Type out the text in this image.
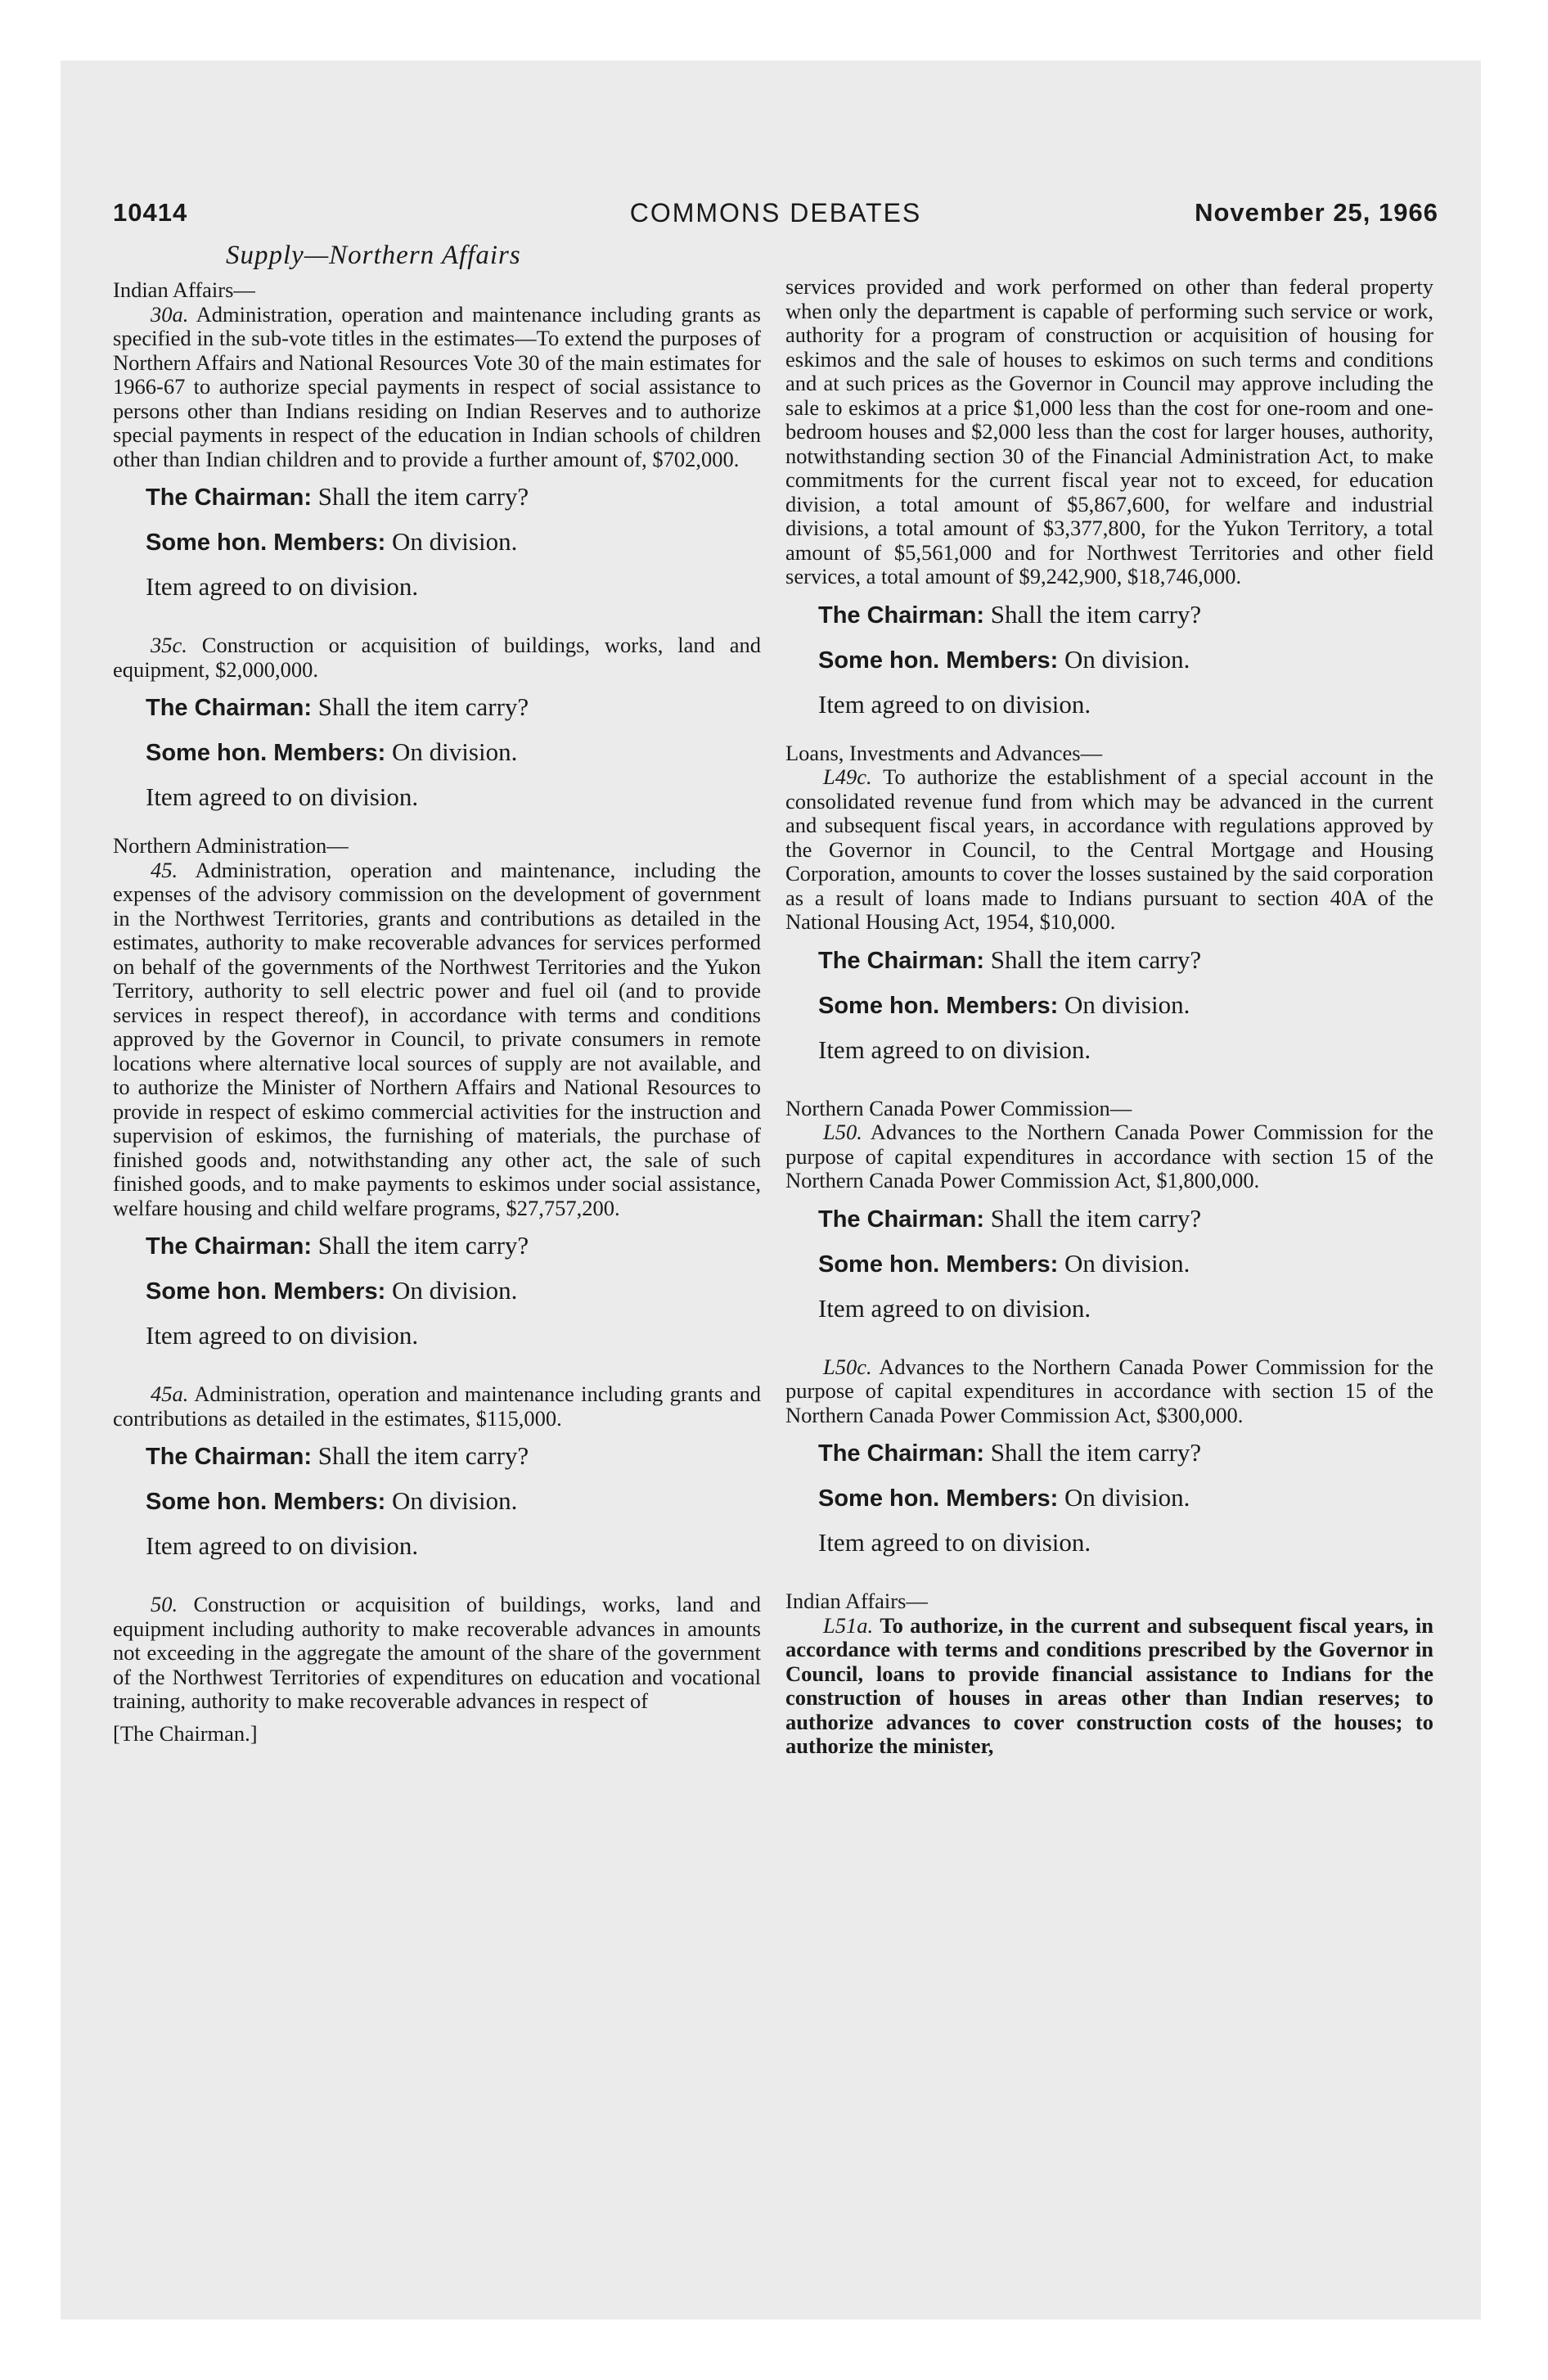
COMMONS DEBATES
10414	November 25, 1966
Supply—Northern Affairs

Indian Affairs—

30a. Administration, operation and maintenance including grants as specified in the sub-vote titles in the estimates—To extend the purposes of Northern Affairs and National Resources Vote 30 of the main estimates for 1966-67 to authorize special payments in respect of social assistance to persons other than Indians residing on Indian Reserves and to authorize special payments in respect of the education in Indian schools of children other than Indian children and to provide a further amount of, $702,000.

The Chairman: Shall the item carry?
Some hon. Members: On division.
Item agreed to on division.

35c. Construction or acquisition of buildings, works, land and equipment, $2,000,000.

The Chairman: Shall the item carry?
Some hon. Members: On division.
Item agreed to on division.

Northern Administration—

45. Administration, operation and maintenance, including the expenses of the advisory commission on the development of government in the Northwest Territories, grants and contributions as detailed in the estimates, authority to make recoverable advances for services performed on behalf of the governments of the Northwest Territories and the Yukon Territory, authority to sell electric power and fuel oil (and to provide services in respect thereof), in accordance with terms and conditions approved by the Governor in Council, to private consumers in remote locations where alternative local sources of supply are not available, and to authorize the Minister of Northern Affairs and National Resources to provide in respect of eskimo commercial activities for the instruction and supervision of eskimos, the furnishing of materials, the purchase of finished goods and, notwithstanding any other act, the sale of such finished goods, and to make payments to eskimos under social assistance, welfare housing and child welfare programs, $27,757,200.

The Chairman: Shall the item carry?
Some hon. Members: On division.
Item agreed to on division.

45a. Administration, operation and maintenance including grants and contributions as detailed in the estimates, $115,000.

The Chairman: Shall the item carry?
Some hon. Members: On division.
Item agreed to on division.

50. Construction or acquisition of buildings, works, land and equipment including authority to make recoverable advances in amounts not exceeding in the aggregate the amount of the share of the government of the Northwest Territories of expenditures on education and vocational training, authority to make recoverable advances in respect of

[The Chairman.]

services provided and work performed on other than federal property when only the department is capable of performing such service or work, authority for a program of construction or acquisition of housing for eskimos and the sale of houses to eskimos on such terms and conditions and at such prices as the Governor in Council may approve including the sale to eskimos at a price $1,000 less than the cost for one-room and one-bedroom houses and $2,000 less than the cost for larger houses, authority, notwithstanding section 30 of the Financial Administration Act, to make commitments for the current fiscal year not to exceed, for education division, a total amount of $5,867,600, for welfare and industrial divisions, a total amount of $3,377,800, for the Yukon Territory, a total amount of $5,561,000 and for Northwest Territories and other field services, a total amount of $9,242,900, $18,746,000.

The Chairman: Shall the item carry?
Some hon. Members: On division.
Item agreed to on division.

Loans, Investments and Advances—

L49c. To authorize the establishment of a special account in the consolidated revenue fund from which may be advanced in the current and subsequent fiscal years, in accordance with regulations approved by the Governor in Council, to the Central Mortgage and Housing Corporation, amounts to cover the losses sustained by the said corporation as a result of loans made to Indians pursuant to section 40A of the National Housing Act, 1954, $10,000.

The Chairman: Shall the item carry?
Some hon. Members: On division.
Item agreed to on division.

Northern Canada Power Commission—

L50. Advances to the Northern Canada Power Commission for the purpose of capital expenditures in accordance with section 15 of the Northern Canada Power Commission Act, $1,800,000.

The Chairman: Shall the item carry?
Some hon. Members: On division.
Item agreed to on division.

L50c. Advances to the Northern Canada Power Commission for the purpose of capital expenditures in accordance with section 15 of the Northern Canada Power Commission Act, $300,000.

The Chairman: Shall the item carry?
Some hon. Members: On division.
Item agreed to on division.

Indian Affairs—

L51a. To authorize, in the current and subsequent fiscal years, in accordance with terms and conditions prescribed by the Governor in Council, loans to provide financial assistance to Indians for the construction of houses in areas other than Indian reserves; to authorize advances to cover construction costs of the houses; to authorize the minister,
